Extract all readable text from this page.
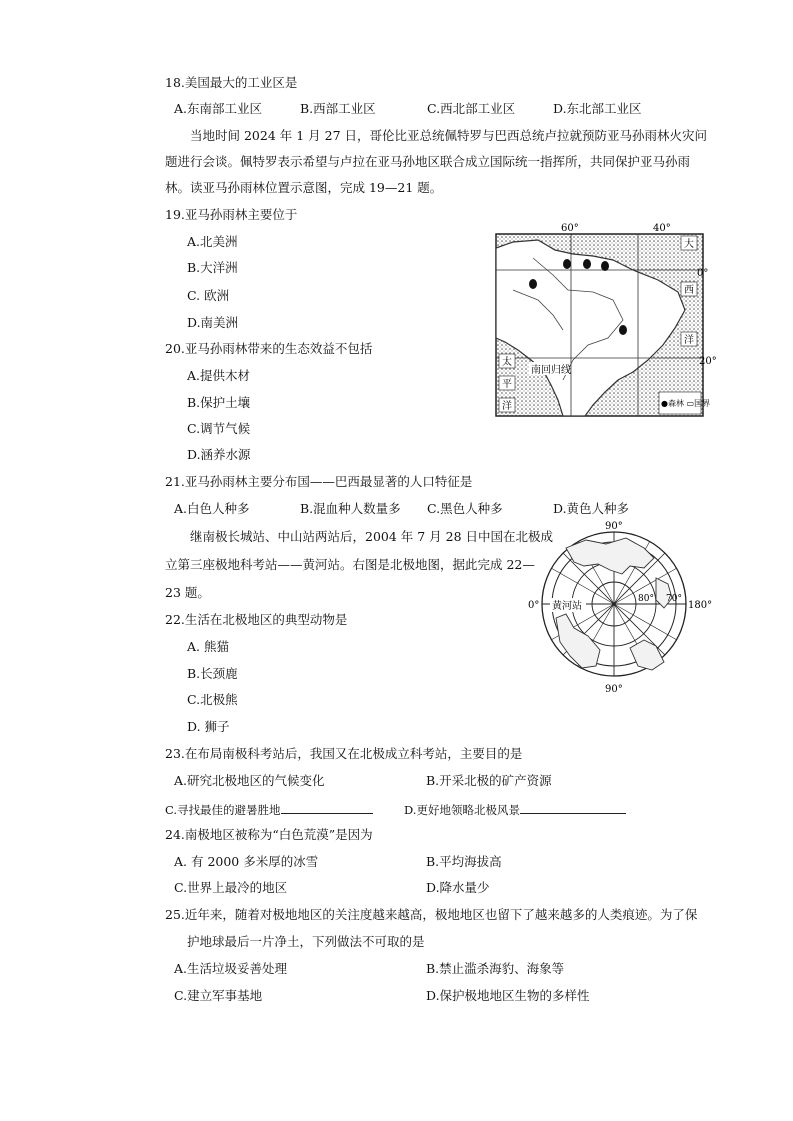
18.美国最大的工业区是
A.东南部工业区	B.西部工业区	C.西北部工业区	D.东北部工业区
当地时间 2024 年 1 月 27 日，哥伦比亚总统佩特罗与巴西总统卢拉就预防亚马孙雨林火灾问
题进行会谈。佩特罗表示希望与卢拉在亚马孙地区联合成立国际统一指挥所，共同保护亚马孙雨
林。读亚马孙雨林位置示意图，完成 19—21 题。
19.亚马孙雨林主要位于
A.北美洲
B.大洋洲
C. 欧洲
D.南美洲
20.亚马孙雨林带来的生态效益不包括
A.提供木材
B.保护土壤
C.调节气候
D.涵养水源
60°	40°
0°
20°
南回归线
大
西
洋
太
平
洋	●森林 ▭国界
21.亚马孙雨林主要分布国——巴西最显著的人口特征是
A.白色人种多	B.混血种人数量多 C.黑色人种多	D.黄色人种多
继南极长城站、中山站两站后，2004 年 7 月 28 日中国在北极成
立第三座极地科考站——黄河站。右图是北极地图，据此完成 22—
23 题。
90°
90°
0°	180°
80° 70°
黄河站
22.生活在北极地区的典型动物是
A. 熊猫
B.长颈鹿
C.北极熊
D. 狮子
23.在布局南极科考站后，我国又在北极成立科考站，主要目的是
A.研究北极地区的气候变化	B.开采北极的矿产资源
C.寻找最佳的避暑胜地	D.更好地领略北极风景
24.南极地区被称为“白色荒漠”是因为
A. 有 2000 多米厚的冰雪	B.平均海拔高
C.世界上最冷的地区	D.降水量少
25.近年来，随着对极地地区的关注度越来越高，极地地区也留下了越来越多的人类痕迹。为了保
护地球最后一片净土，下列做法不可取的是
A.生活垃圾妥善处理	B.禁止滥杀海豹、海象等
C.建立军事基地	D.保护极地地区生物的多样性
